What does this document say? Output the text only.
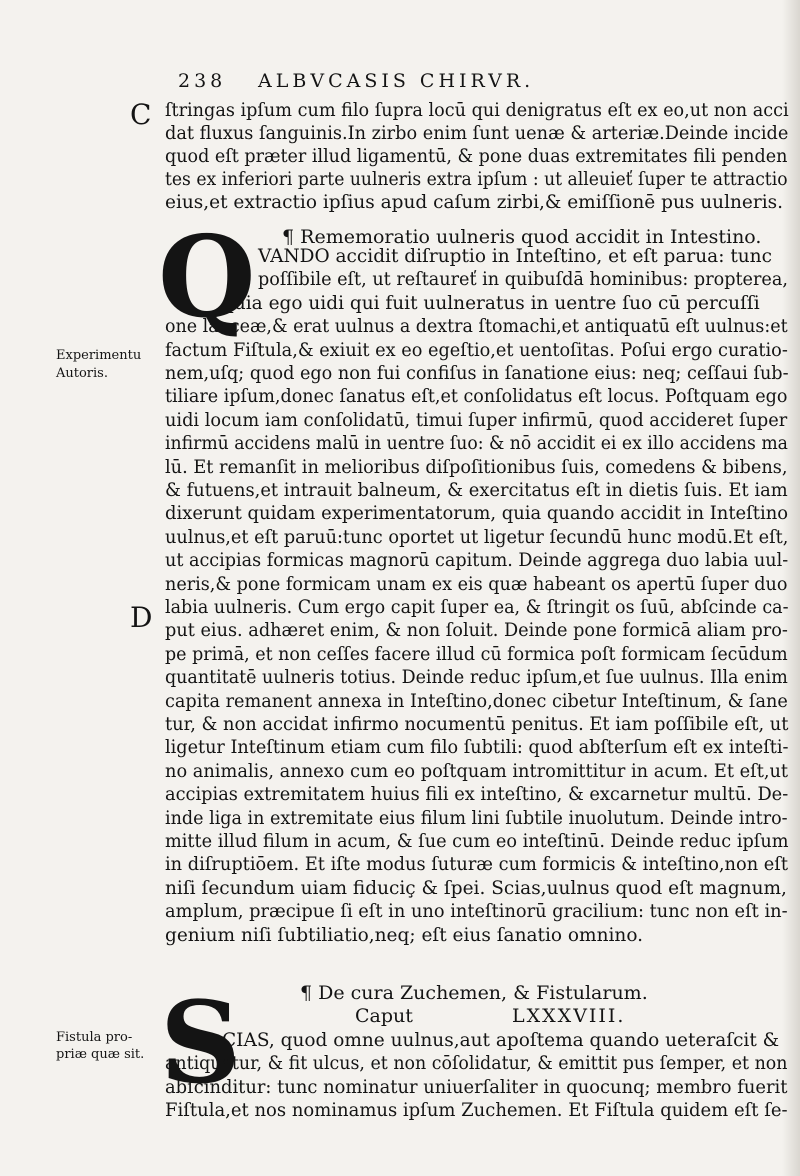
238 ALBVCASIS CHIRVR.
C
D
Q
S
¶ Rememoratio uulneris quod accidit in Intestino.
¶ De cura Zuchemen, & Fistularum.
Caput	LXXXVIII.
Experimentu
Autoris.
Fistula pro-
priæ quæ sit.
ſtringas ipſum cum filo ſupra locū qui denigratus eſt ex eo,ut non acci
dat fluxus ſanguinis.In zirbo enim ſunt uenæ & arteriæ.Deinde incide
quod eſt præter illud ligamentū, & pone duas extremitates fili penden
tes ex inferiori parte uulneris extra ipſum : ut alleuieť ſuper te attractio
eius,et extractio ipſius apud caſum zirbi,& emiſſionē pus uulneris.
VANDO accidit diſruptio in Inteſtino, et eſt parua: tunc
poſſibile eſt, ut reſtaureť in quibuſdā hominibus: propterea,
quia ego uidi qui fuit uulneratus in uentre ſuo cū percuſſi
one lanceæ,& erat uulnus a dextra ſtomachi,et antiquatū eſt uulnus:et
factum Fiſtula,& exiuit ex eo egeſtio,et uentoſitas. Poſui ergo curatio-
nem,uſq; quod ego non fui confiſus in ſanatione eius: neq; ceſſaui ſub-
tiliare ipſum,donec ſanatus eſt,et conſolidatus eſt locus. Poſtquam ego
uidi locum iam conſolidatū, timui ſuper infirmū, quod accideret ſuper
infirmū accidens malū in uentre ſuo: & nō accidit ei ex illo accidens ma
lū. Et remanſit in melioribus diſpoſitionibus ſuis, comedens & bibens,
& futuens,et intrauit balneum, & exercitatus eſt in dietis ſuis. Et iam
dixerunt quidam experimentatorum, quia quando accidit in Inteſtino
uulnus,et eſt paruū:tunc oportet ut ligetur ſecundū hunc modū.Et eſt,
ut accipias formicas magnorū capitum. Deinde aggrega duo labia uul-
neris,& pone formicam unam ex eis quæ habeant os apertū ſuper duo
labia uulneris. Cum ergo capit ſuper ea, & ſtringit os ſuū, abſcinde ca-
put eius. adhæret enim, & non ſoluit. Deinde pone formicā aliam pro-
pe primā, et non ceſſes facere illud cū formica poſt formicam ſecūdum
quantitatē uulneris totius. Deinde reduc ipſum,et ſue uulnus. Illa enim
capita remanent annexa in Inteſtino,donec cibetur Inteſtinum, & ſane
tur, & non accidat infirmo nocumentū penitus. Et iam poſſibile eſt, ut
ligetur Inteſtinum etiam cum filo ſubtili: quod abſterſum eſt ex inteſti-
no animalis, annexo cum eo poſtquam intromittitur in acum. Et eſt,ut
accipias extremitatem huius fili ex inteſtino, & excarnetur multū. De-
inde liga in extremitate eius filum lini ſubtile inuolutum. Deinde intro-
mitte illud filum in acum, & ſue cum eo inteſtinū. Deinde reduc ipſum
in diſruptiōem. Et iſte modus ſuturæ cum formicis & inteſtino,non eſt
niſi ſecundum uiam fiduciç & ſpei. Scias,uulnus quod eſt magnum,
amplum, præcipue ſi eſt in uno inteſtinorū gracilium: tunc non eſt in-
genium niſi ſubtiliatio,neq; eſt eius ſanatio omnino.
CIAS, quod omne uulnus,aut apoſtema quando ueteraſcit &
antiquatur, & fit ulcus, et non cōſolidatur, & emittit pus ſemper, et non
abſcinditur: tunc nominatur uniuerſaliter in quocunq; membro fuerit
Fiſtula,et nos nominamus ipſum Zuchemen. Et Fiſtula quidem eſt ſe-
